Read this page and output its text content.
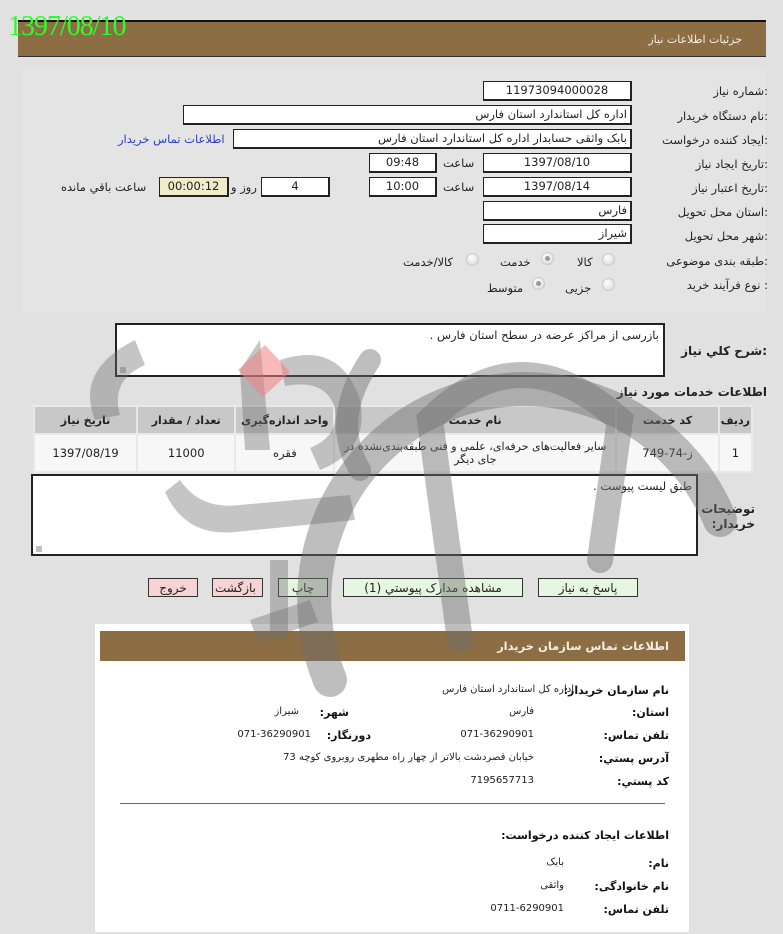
جزئیات اطلاعات نیاز
1397/08/10
شماره نیاز:
11973094000028
نام دستگاه خریدار:
اداره کل استاندارد استان فارس
ایجاد کننده درخواست:
بابک واثقی حسابدار اداره کل استاندارد استان فارس
اطلاعات تماس خریدار
تاریخ ایجاد نیاز:
1397/08/10
ساعت
09:48
تاریخ اعتبار نیاز:
1397/08/14
ساعت
10:00
4
روز و
00:00:12
ساعت باقي مانده
استان محل تحویل:
فارس
شهر محل تحویل:
شیراز
طبقه بندی موضوعی:
کالا
خدمت
کالا/خدمت
نوع فرآیند خرید :
جزیی
متوسط
شرح کلي نياز:
بازرسی از مراکز عرضه در سطح استان فارس .
اطلاعات خدمات مورد نیاز
ردیف	کد خدمت	نام خدمت	واحد اندازه‌گیری	تعداد / مقدار	تاریخ نیاز
1	ز-74-749	سایر فعالیت‌های حرفه‌ای، علمی و فنی طبقه‌بندی‌نشده در جای دیگر	فقره	11000	1397/08/19
توضیحات
خریدار:
طبق لیست پیوست .
پاسخ به نیاز
مشاهده مدارک پیوستي (1)
چاپ
بازگشت
خروج
اطلاعات تماس سازمان خریدار
نام سازمان خریدار:
اداره کل استاندارد استان فارس
استان:
فارس
شهر:
شیراز
تلفن تماس:
071-36290901
دورنگار:
071-36290901
آدرس پستي:
خیابان قصردشت بالاتر از چهار راه مطهری روبروی کوچه 73
کد پستي:
7195657713
اطلاعات ایجاد کننده درخواست:
نام:
بابک
نام خانوادگی:
واثقی
تلفن تماس:
0711-6290901
